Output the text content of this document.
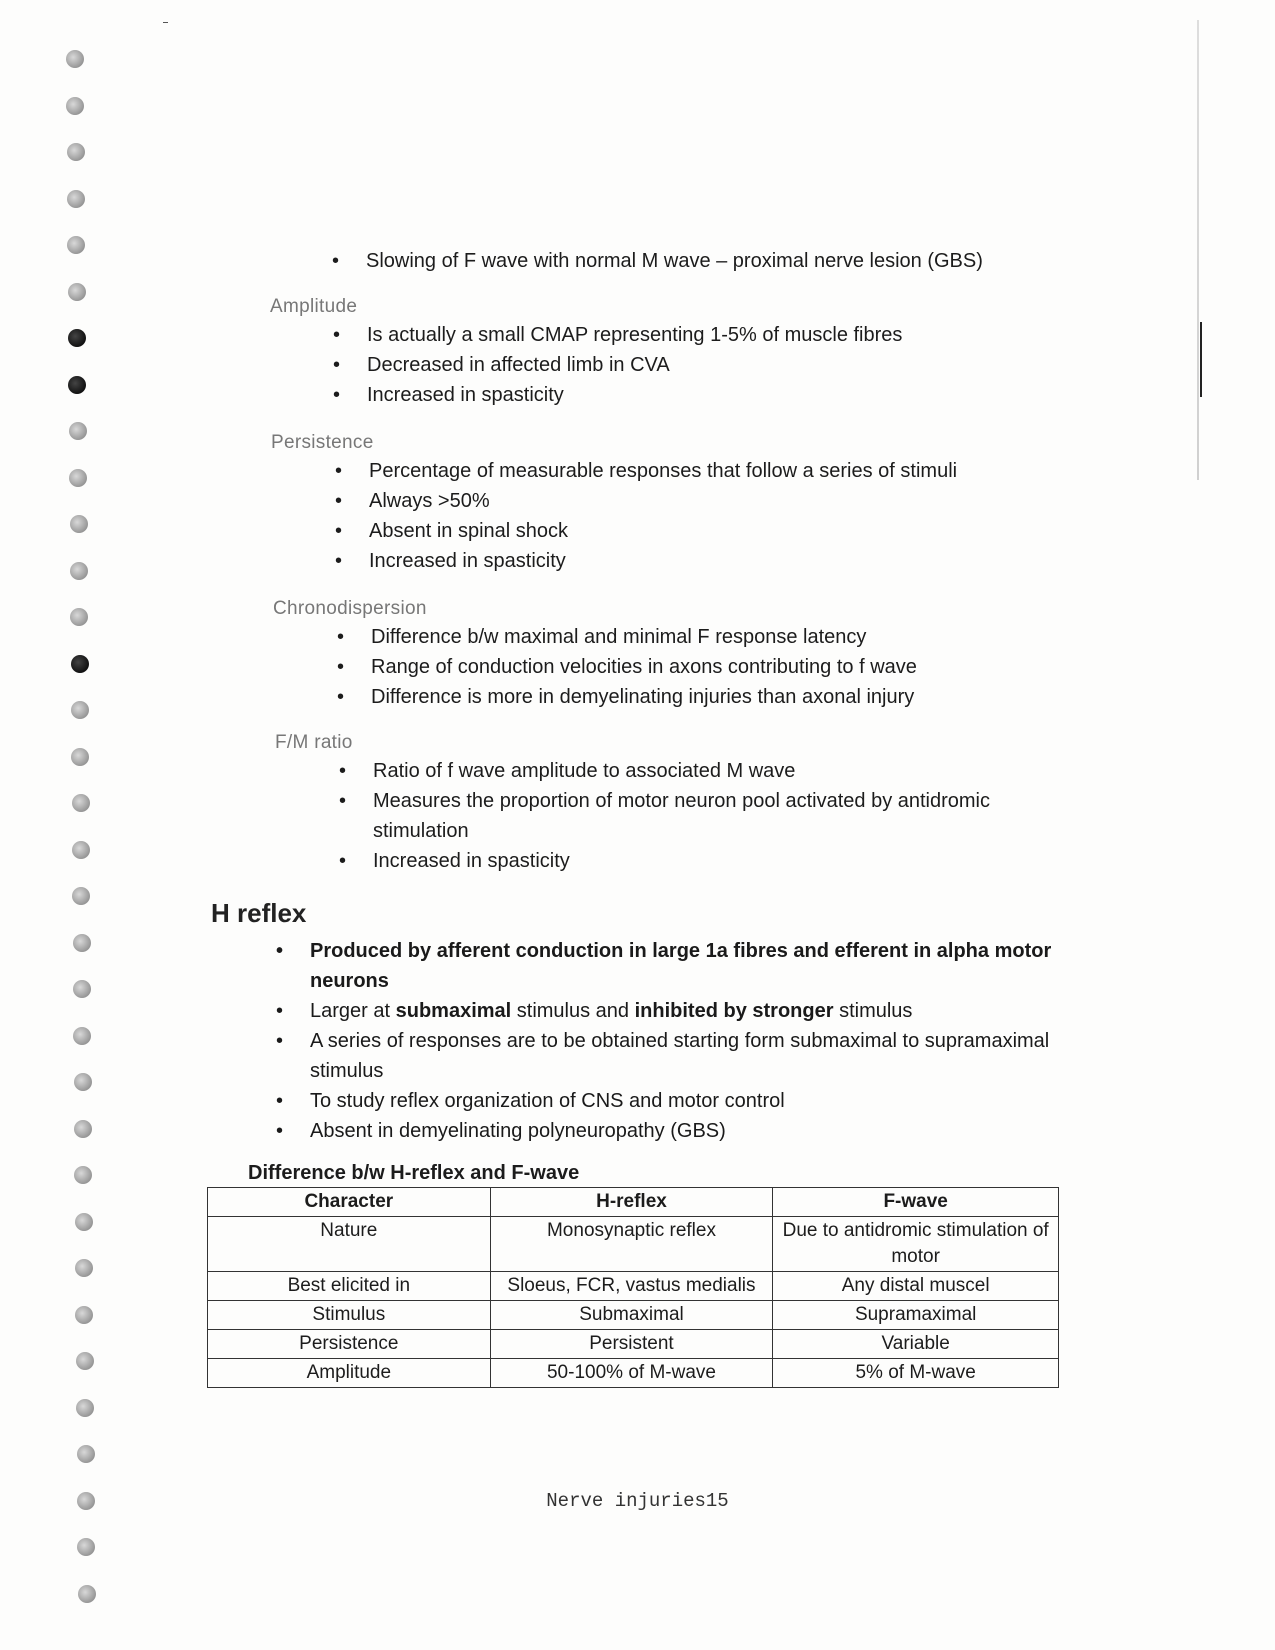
• Slowing of F wave with normal M wave – proximal nerve lesion (GBS)
Amplitude
• Is actually a small CMAP representing 1-5% of muscle fibres
• Decreased in affected limb in CVA
• Increased in spasticity
Persistence
• Percentage of measurable responses that follow a series of stimuli
• Always >50%
• Absent in spinal shock
• Increased in spasticity
Chronodispersion
• Difference b/w maximal and minimal F response latency
• Range of conduction velocities in axons contributing to f wave
• Difference is more in demyelinating injuries than axonal injury
F/M ratio
• Ratio of f wave amplitude to associated M wave
• Measures the proportion of motor neuron pool activated by antidromic stimulation
• Increased in spasticity
H reflex
• Produced by afferent conduction in large 1a fibres and efferent in alpha motor neurons
• Larger at submaximal stimulus and inhibited by stronger stimulus
• A series of responses are to be obtained starting form submaximal to supramaximal stimulus
• To study reflex organization of CNS and motor control
• Absent in demyelinating polyneuropathy (GBS)
Difference b/w H-reflex and F-wave
Character	H-reflex	F-wave
Nature	Monosynaptic reflex	Due to antidromic stimulation of motor
Best elicited in	Sloeus, FCR, vastus medialis	Any distal muscel
Stimulus	Submaximal	Supramaximal
Persistence	Persistent	Variable
Amplitude	50-100% of M-wave	5% of M-wave
Nerve injuries15
